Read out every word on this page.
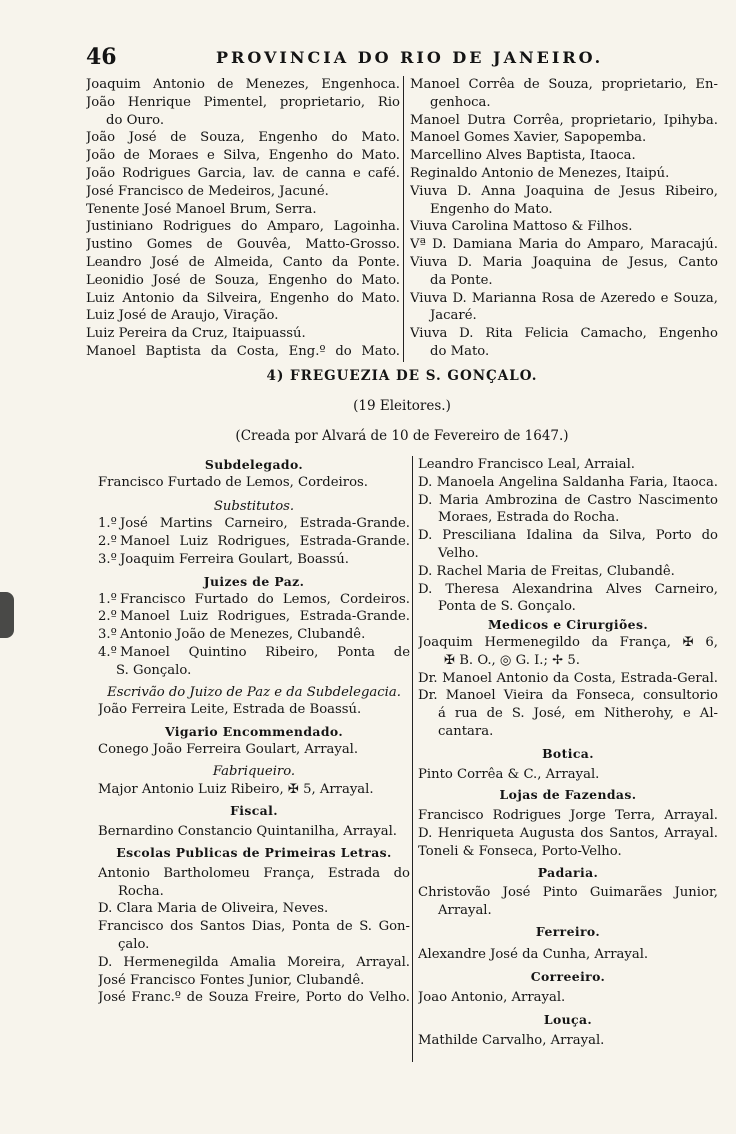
46	PROVINCIA DO RIO DE JANEIRO.
Joaquim Antonio de Menezes, Engenhoca.
João Henrique Pimentel, proprietario, Rio
do Ouro.
João José de Souza, Engenho do Mato.
João de Moraes e Silva, Engenho do Mato.
João Rodrigues Garcia, lav. de canna e café.
José Francisco de Medeiros, Jacuné.
Tenente José Manoel Brum, Serra.
Justiniano Rodrigues do Amparo, Lagoinha.
Justino Gomes de Gouvêa, Matto-Grosso.
Leandro José de Almeida, Canto da Ponte.
Leonidio José de Souza, Engenho do Mato.
Luiz Antonio da Silveira, Engenho do Mato.
Luiz José de Araujo, Viração.
Luiz Pereira da Cruz, Itaipuassú.
Manoel Baptista da Costa, Eng.º do Mato.
Manoel Corrêa de Souza, proprietario, En-
genhoca.
Manoel Dutra Corrêa, proprietario, Ipihyba.
Manoel Gomes Xavier, Sapopemba.
Marcellino Alves Baptista, Itaoca.
Reginaldo Antonio de Menezes, Itaipú.
Viuva D. Anna Joaquina de Jesus Ribeiro,
Engenho do Mato.
Viuva Carolina Mattoso & Filhos.
Vª D. Damiana Maria do Amparo, Maracajú.
Viuva D. Maria Joaquina de Jesus, Canto
da Ponte.
Viuva D. Marianna Rosa de Azeredo e Souza,
Jacaré.
Viuva D. Rita Felicia Camacho, Engenho
do Mato.
4) FREGUEZIA DE S. GONÇALO.
(19 Eleitores.)
(Creada por Alvará de 10 de Fevereiro de 1647.)
Subdelegado.
Francisco Furtado de Lemos, Cordeiros.
Substitutos.
1.º José Martins Carneiro, Estrada-Grande.
2.º Manoel Luiz Rodrigues, Estrada-Grande.
3.º Joaquim Ferreira Goulart, Boassú.
Juizes de Paz.
1.º Francisco Furtado do Lemos, Cordeiros.
2.º Manoel Luiz Rodrigues, Estrada-Grande.
3.º Antonio João de Menezes, Clubandê.
4.º Manoel Quintino Ribeiro, Ponta de
S. Gonçalo.
Escrivão do Juizo de Paz e da Subdelegacia.
João Ferreira Leite, Estrada de Boassú.
Vigario Encommendado.
Conego João Ferreira Goulart, Arrayal.
Fabriqueiro.
Major Antonio Luiz Ribeiro, ✠ 5, Arrayal.
Fiscal.
Bernardino Constancio Quintanilha, Arrayal.
Escolas Publicas de Primeiras Letras.
Antonio Bartholomeu França, Estrada do
Rocha.
D. Clara Maria de Oliveira, Neves.
Francisco dos Santos Dias, Ponta de S. Gon-
çalo.
D. Hermenegilda Amalia Moreira, Arrayal.
José Francisco Fontes Junior, Clubandê.
José Franc.º de Souza Freire, Porto do Velho.
Leandro Francisco Leal, Arraial.
D. Manoela Angelina Saldanha Faria, Itaoca.
D. Maria Ambrozina de Castro Nascimento
Moraes, Estrada do Rocha.
D. Presciliana Idalina da Silva, Porto do
Velho.
D. Rachel Maria de Freitas, Clubandê.
D. Theresa Alexandrina Alves Carneiro,
Ponta de S. Gonçalo.
Medicos e Cirurgiões.
Joaquim Hermenegildo da França, ✠ 6,
✠ B. O., ◎ G. I.; ✢ 5.
Dr. Manoel Antonio da Costa, Estrada-Geral.
Dr. Manoel Vieira da Fonseca, consultorio
á rua de S. José, em Nitherohy, e Al-
cantara.
Botica.
Pinto Corrêa & C., Arrayal.
Lojas de Fazendas.
Francisco Rodrigues Jorge Terra, Arrayal.
D. Henriqueta Augusta dos Santos, Arrayal.
Toneli & Fonseca, Porto-Velho.
Padaria.
Christovão José Pinto Guimarães Junior,
Arrayal.
Ferreiro.
Alexandre José da Cunha, Arrayal.
Correeiro.
Joao Antonio, Arrayal.
Louça.
Mathilde Carvalho, Arrayal.
